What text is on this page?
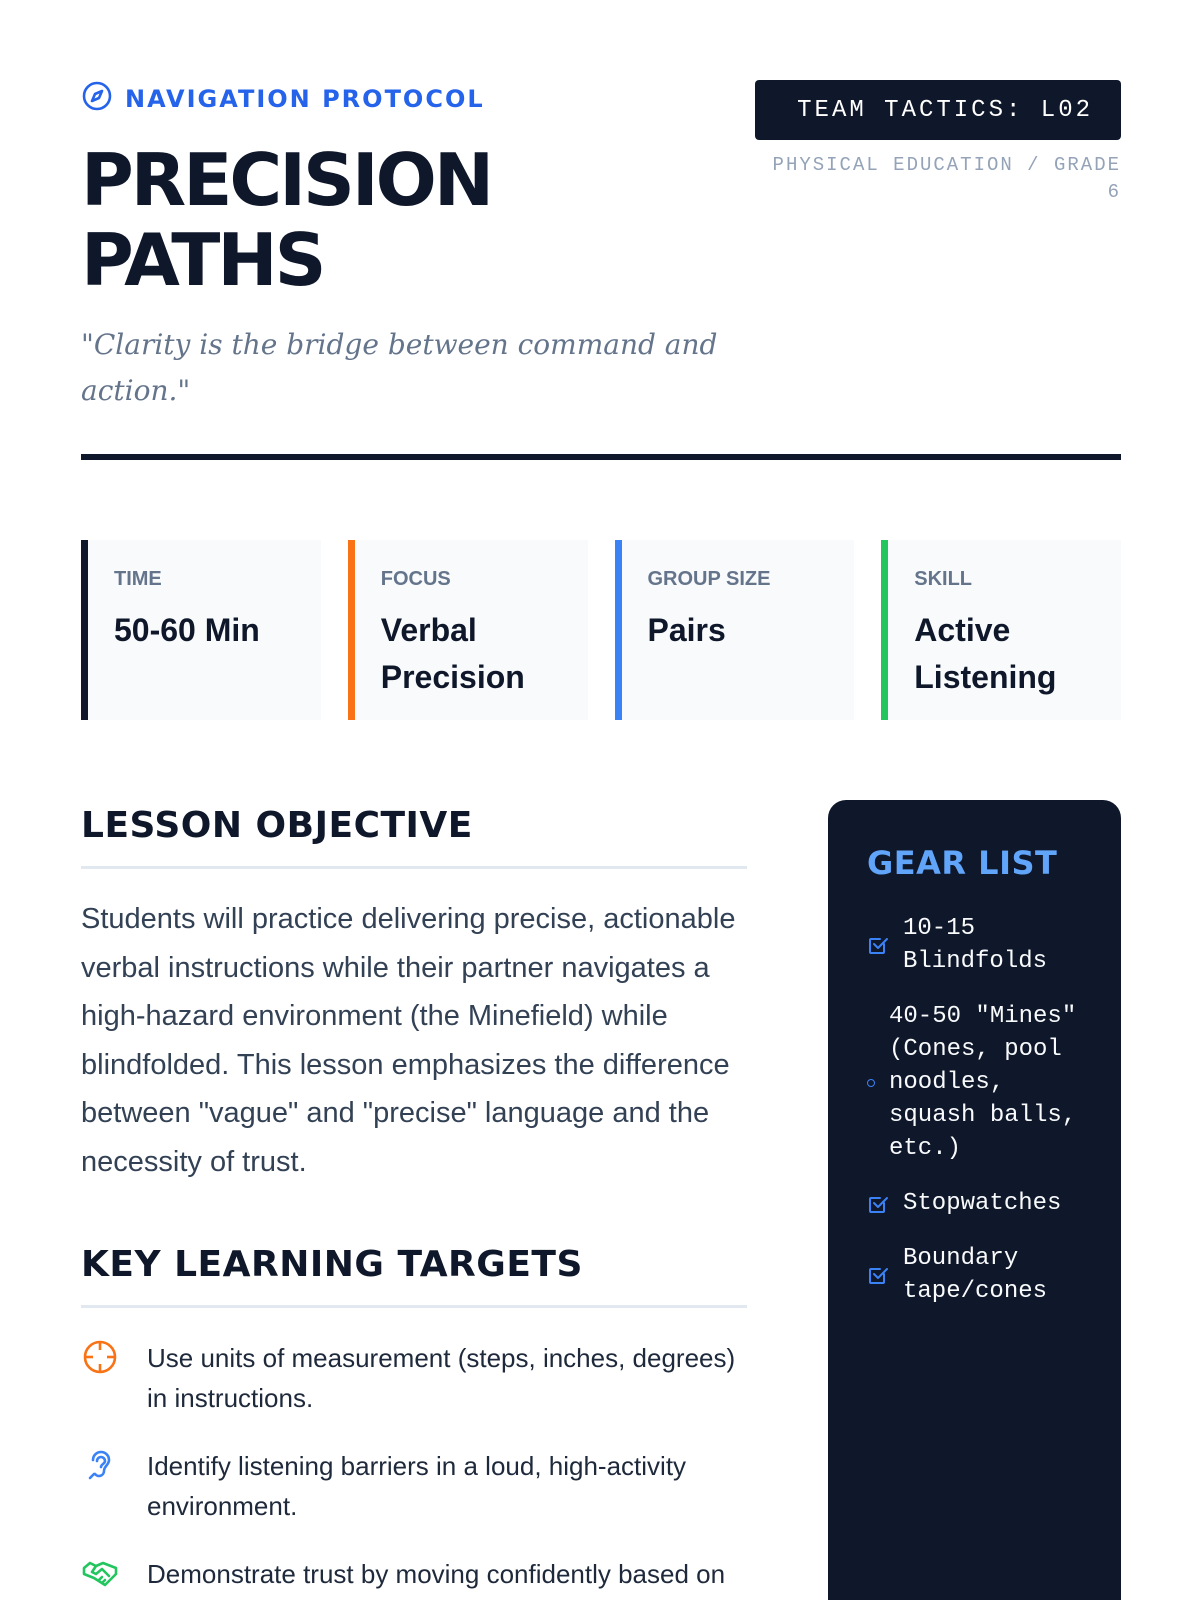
NAVIGATION PROTOCOL
PRECISION PATHS

"Clarity is the bridge between command and action."

TEAM TACTICS: L02
PHYSICAL EDUCATION / GRADE 6
TIME
50-60 Min
FOCUS
Verbal Precision
GROUP SIZE
Pairs
SKILL
Active Listening
LESSON OBJECTIVE

Students will practice delivering precise, actionable verbal instructions while their partner navigates a high-hazard environment (the Minefield) while blindfolded. This lesson emphasizes the difference between "vague" and "precise" language and the necessity of trust.

KEY LEARNING TARGETS
Use units of measurement (steps, inches, degrees) in instructions.
Identify listening barriers in a loud, high-activity environment.
Demonstrate trust by moving confidently based on
GEAR LIST
10-15 Blindfolds
40-50 "Mines" (Cones, pool noodles, squash balls, etc.)
Stopwatches
Boundary tape/cones
